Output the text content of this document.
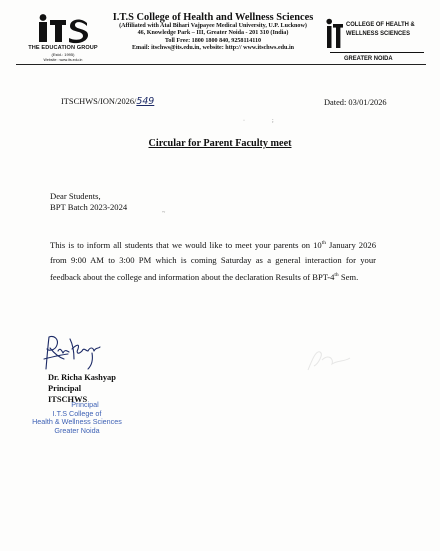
THE EDUCATION GROUP
(Estd.: 1995)
Website : www.its.edu.in

I.T.S College of Health and Wellness Sciences

(Affiliated with Atal Bihari Vajpayee Medical University, U.P. Lucknow)

46, Knowledge Park – III, Greater Noida - 201 310 (India)

Toll Free: 1800 1800 840, 9258114110

Email: itschws@its.edu.in, website: http:// www.itschws.edu.in

COLLEGE OF HEALTH &
WELLNESS SCIENCES
GREATER NOIDA
ITSCHWS/ION/2026/549	Dated: 03/01/2026
Circular for Parent Faculty meet
Dear Students,
BPT Batch 2023-2024
This is to inform all students that we would like to meet your parents on 10th January 2026 from 9:00 AM to 3:00 PM which is coming Saturday as a general interaction for your feedback about the college and information about the declaration Results of BPT-4th Sem.
Dr. Richa Kashyap
Principal
ITSCHWS
Principal
I.T.S College of
Health & Wellness Sciences
Greater Noida
·
~
;
